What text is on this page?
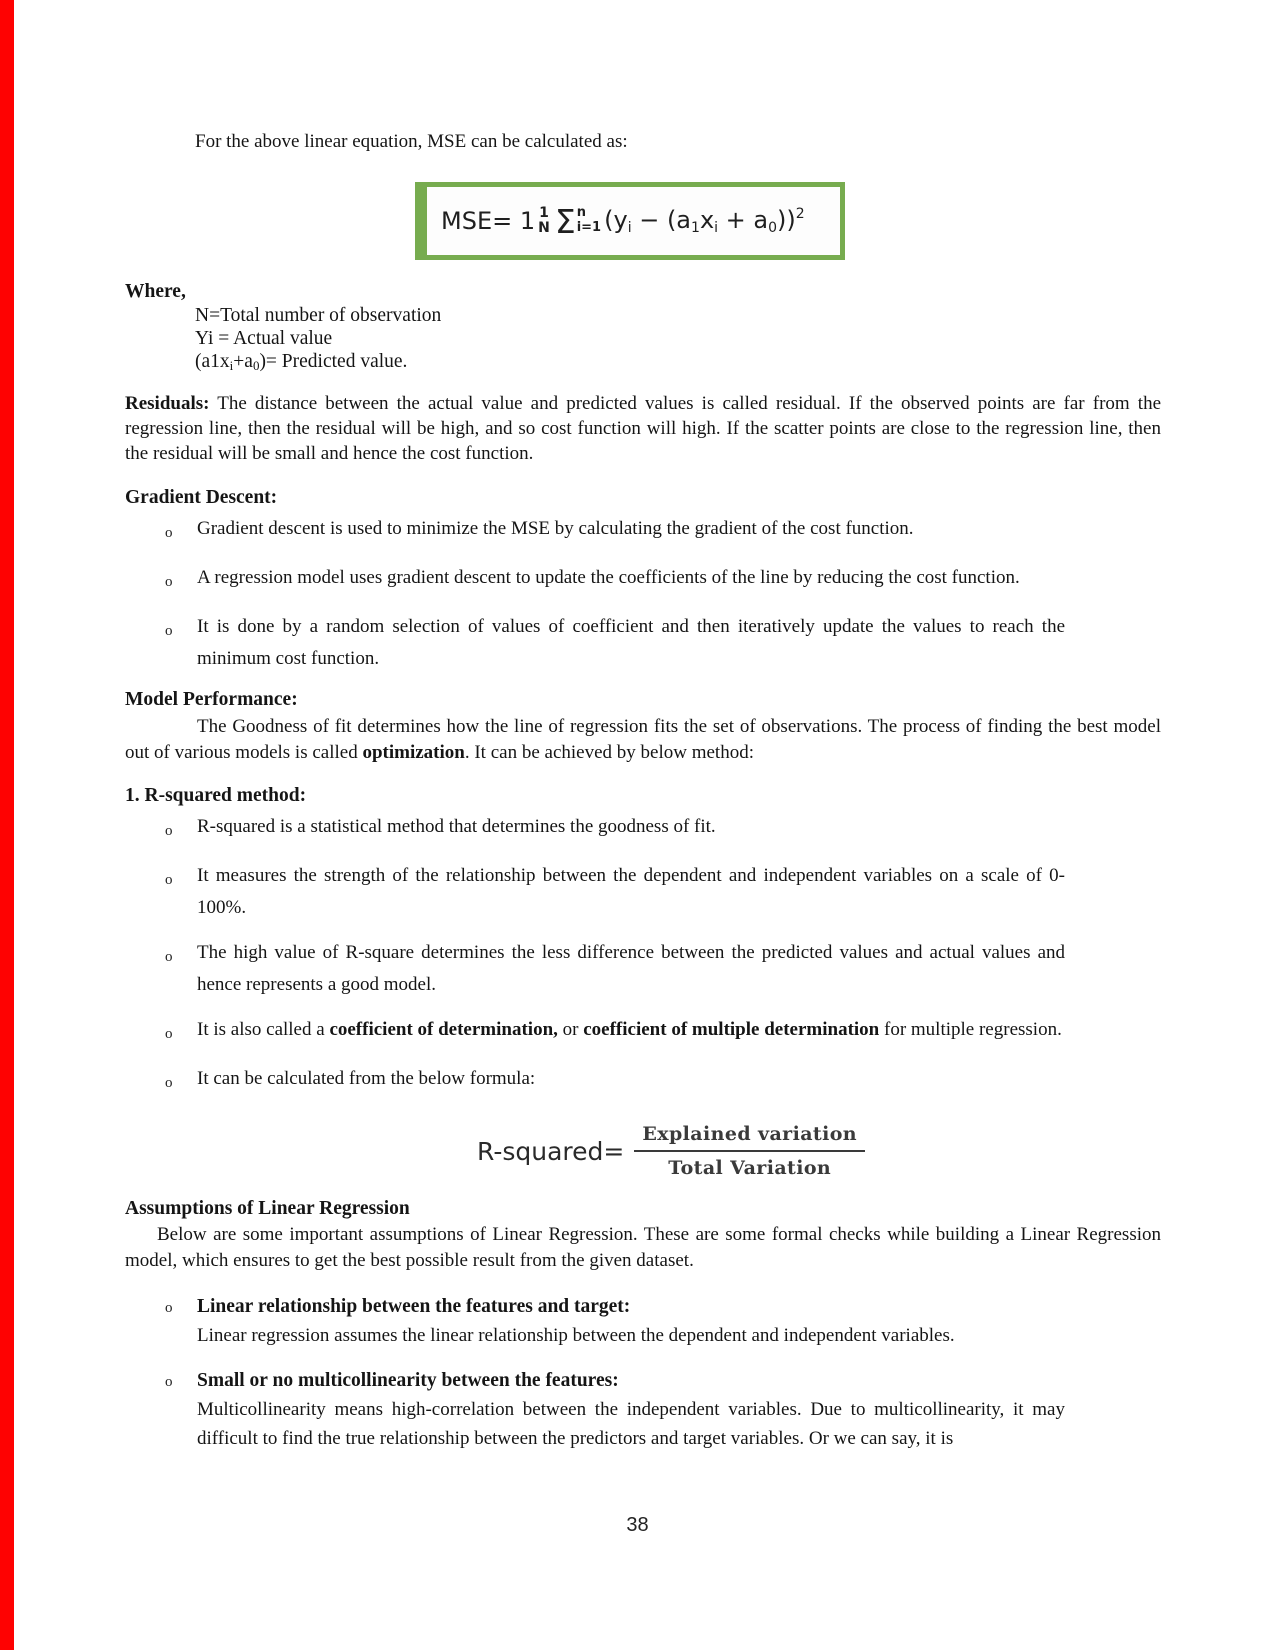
For the above linear equation, MSE can be calculated as:

MSE= 1 1
N Σ n
i=1 (yi − (a1xi + a0))$^2$

Where,

N=Total number of observation

Yi = Actual value

(a1xi+a0)= Predicted value.

Residuals: The distance between the actual value and predicted values is called residual. If the observed points are far from the regression line, then the residual will be high, and so cost function will high. If the scatter points are close to the regression line, then the residual will be small and hence the cost function.

Gradient Descent:

o	Gradient descent is used to minimize the MSE by calculating the gradient of the cost function.
o	A regression model uses gradient descent to update the coefficients of the line by reducing the cost function.
o	It is done by a random selection of values of coefficient and then iteratively update the values to reach the minimum cost function.

Model Performance:

The Goodness of fit determines how the line of regression fits the set of observations. The process of finding the best model out of various models is called optimization. It can be achieved by below method:

1. R-squared method:

o	R-squared is a statistical method that determines the goodness of fit.
o	It measures the strength of the relationship between the dependent and independent variables on a scale of 0-100%.
o	The high value of R-square determines the less difference between the predicted values and actual values and hence represents a good model.
o	It is also called a coefficient of determination, or coefficient of multiple determination for multiple regression.
o	It can be calculated from the below formula:
R-squared= $\frac{\text{Explained variation}}{\text{Total Variation}}$

Assumptions of Linear Regression

Below are some important assumptions of Linear Regression. These are some formal checks while building a Linear Regression model, which ensures to get the best possible result from the given dataset.

o	Linear relationship between the features and target:

Linear regression assumes the linear relationship between the dependent and independent variables.

o	Small or no multicollinearity between the features:

Multicollinearity means high-correlation between the independent variables. Due to multicollinearity, it may difficult to find the true relationship between the predictors and target variables. Or we can say, it is

38
